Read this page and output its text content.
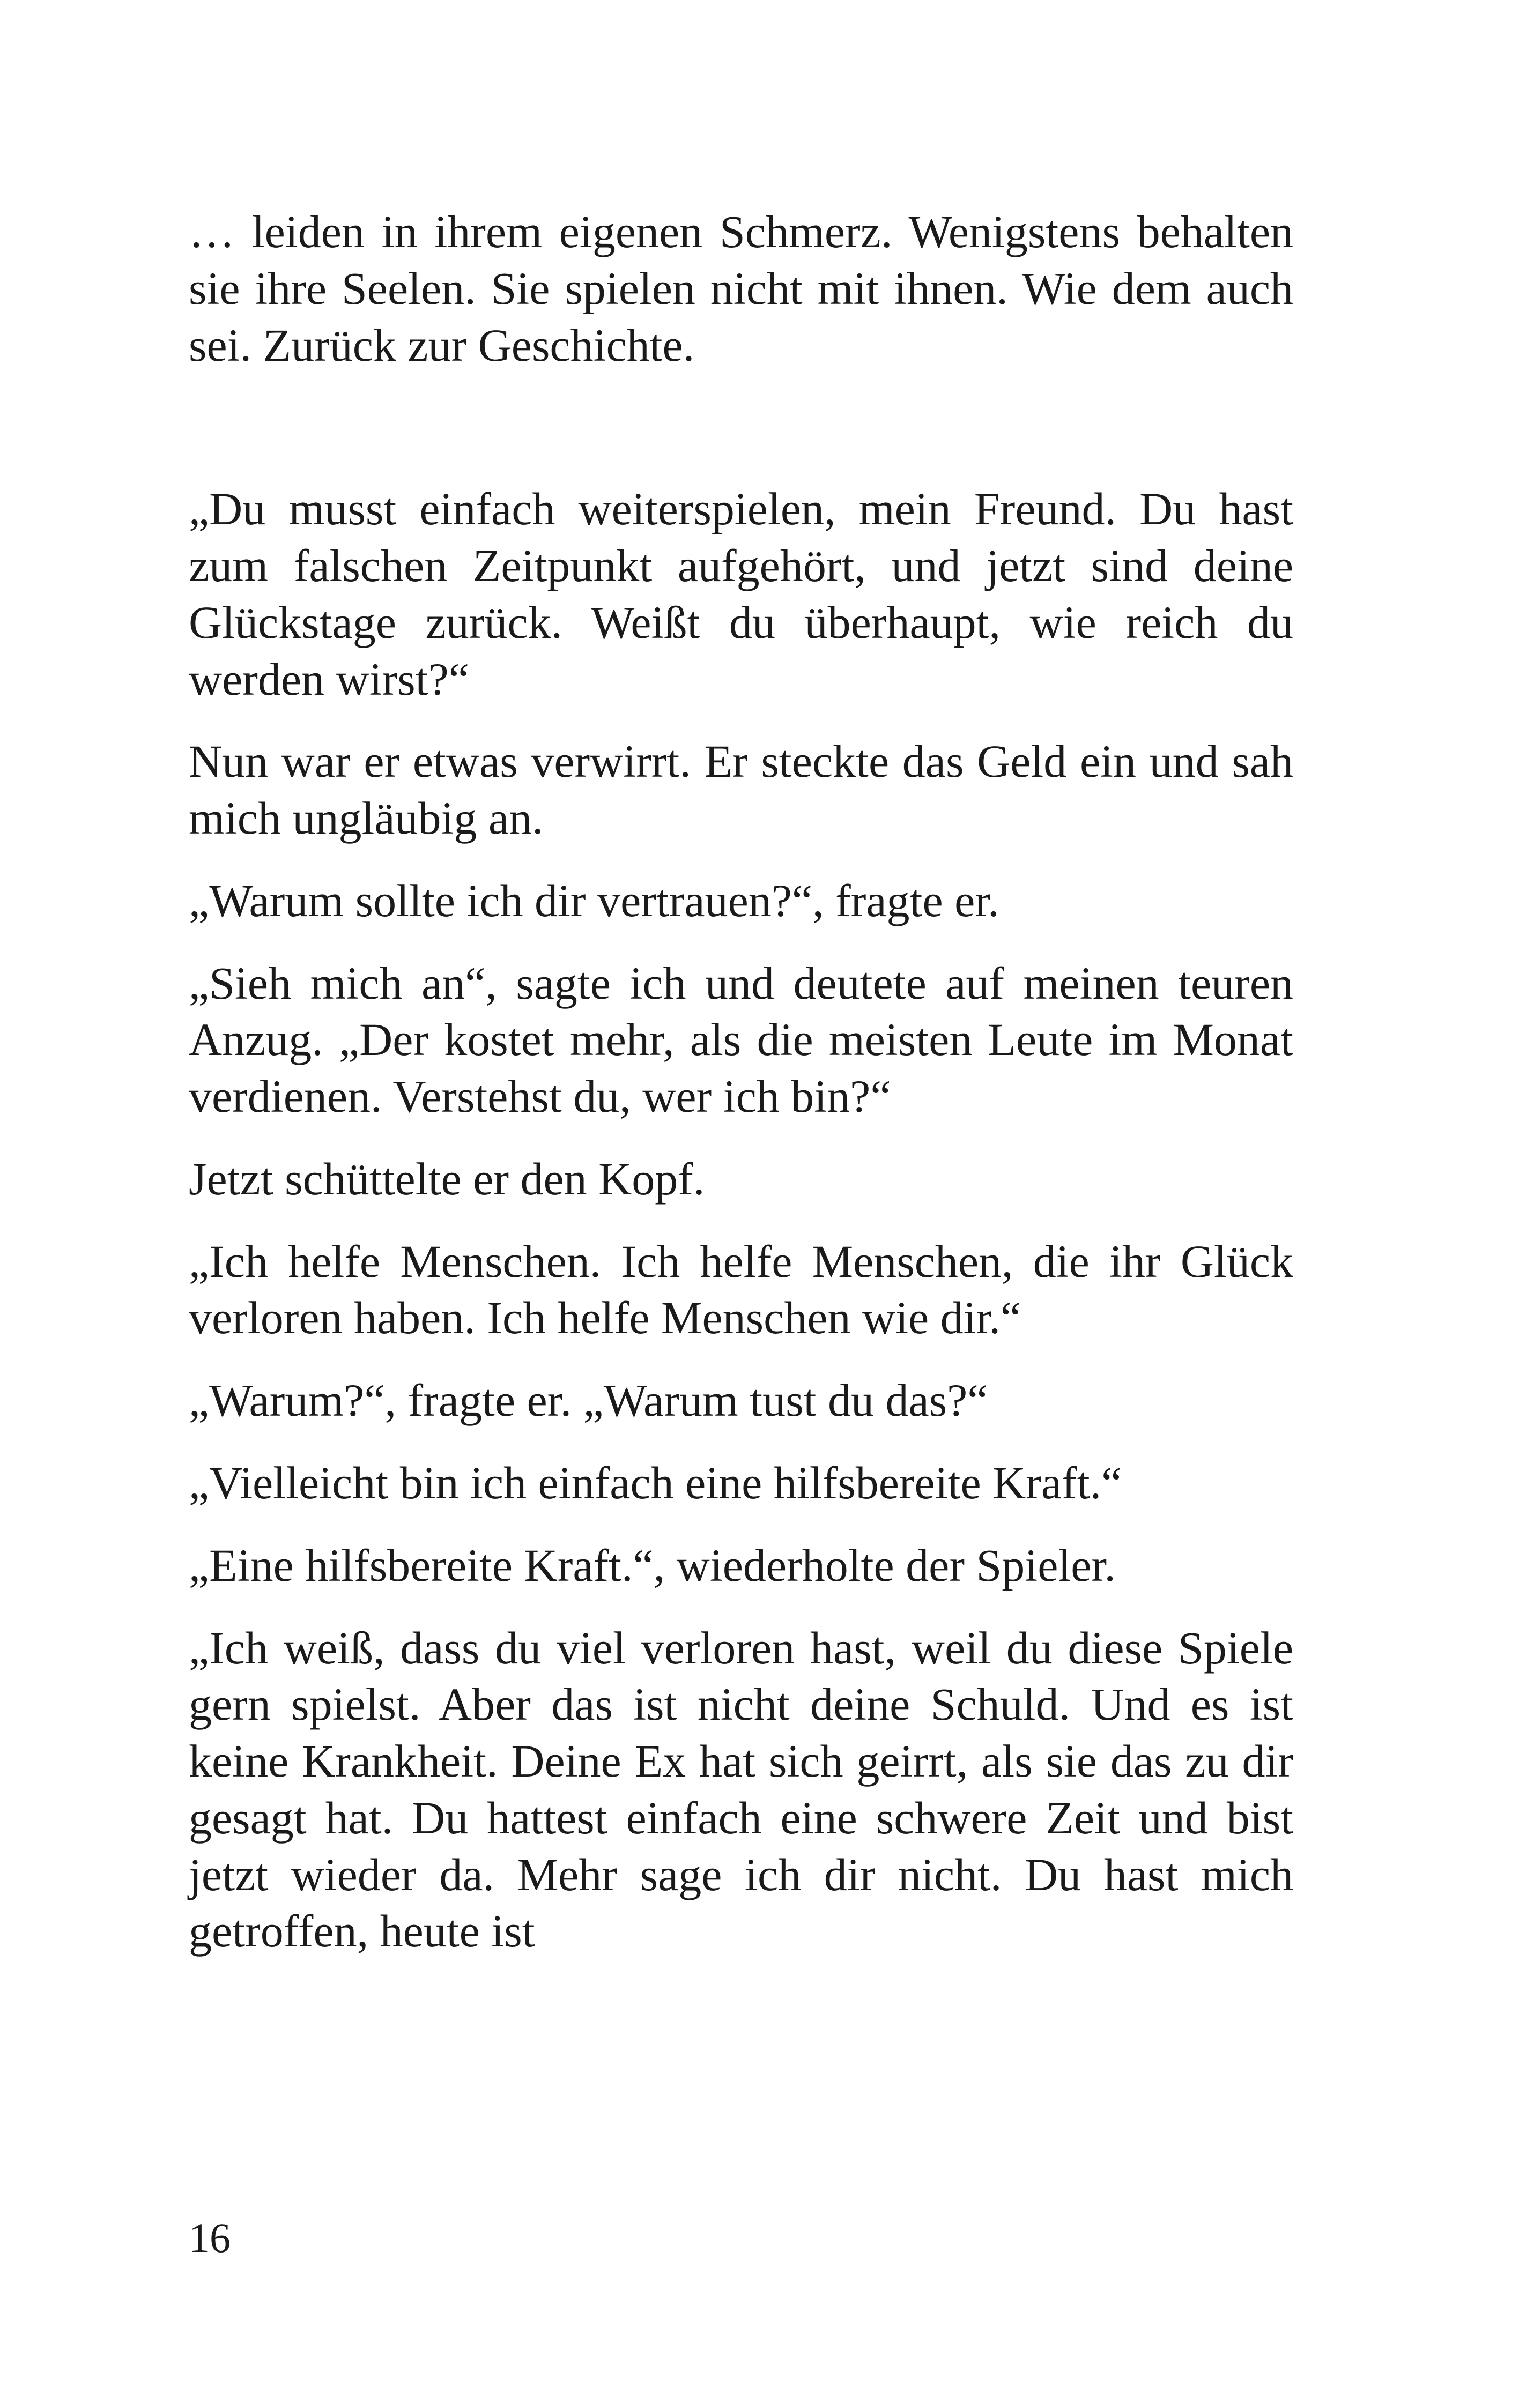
… leiden in ihrem eigenen Schmerz. Wenigstens behalten sie ihre Seelen. Sie spielen nicht mit ihnen. Wie dem auch sei. Zurück zur Geschichte.

„Du musst einfach weiterspielen, mein Freund. Du hast zum falschen Zeitpunkt aufgehört, und jetzt sind deine Glückstage zurück. Weißt du überhaupt, wie reich du werden wirst?“

Nun war er etwas verwirrt. Er steckte das Geld ein und sah mich ungläubig an.

„Warum sollte ich dir vertrauen?“, fragte er.

„Sieh mich an“, sagte ich und deutete auf meinen teuren Anzug. „Der kostet mehr, als die meisten Leute im Monat verdienen. Verstehst du, wer ich bin?“

Jetzt schüttelte er den Kopf.

„Ich helfe Menschen. Ich helfe Menschen, die ihr Glück verloren haben. Ich helfe Menschen wie dir.“

„Warum?“, fragte er. „Warum tust du das?“

„Vielleicht bin ich einfach eine hilfsbereite Kraft.“

„Eine hilfsbereite Kraft.“, wiederholte der Spieler.

„Ich weiß, dass du viel verloren hast, weil du diese Spiele gern spielst. Aber das ist nicht deine Schuld. Und es ist keine Krankheit. Deine Ex hat sich geirrt, als sie das zu dir gesagt hat. Du hattest einfach eine schwere Zeit und bist jetzt wieder da. Mehr sage ich dir nicht. Du hast mich getroffen, heute ist

16
